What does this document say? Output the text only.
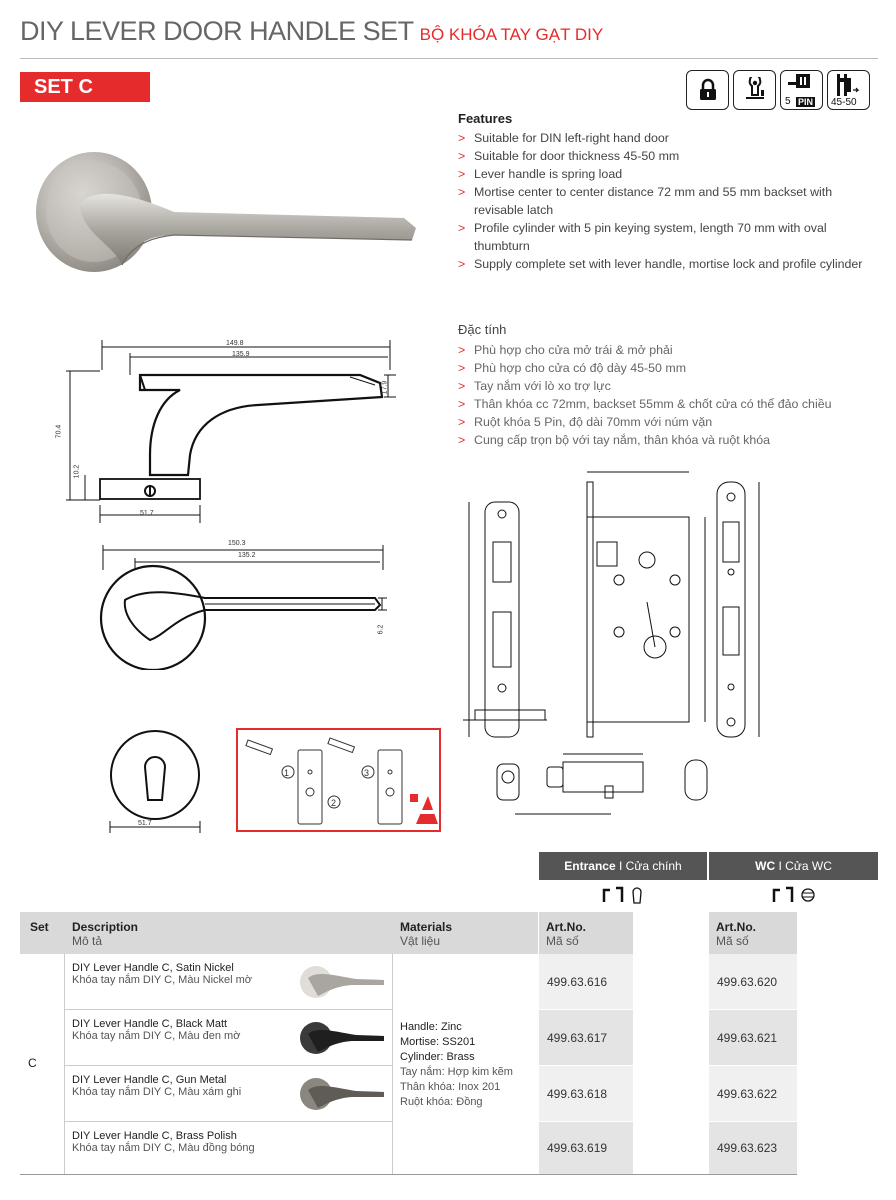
DIY LEVER DOOR HANDLE SET BỘ KHÓA TAY GẠT DIY
SET C
5 PIN 45-50
Features
> Suitable for DIN left-right hand door
> Suitable for door thickness 45-50 mm
> Lever handle is spring load
> Mortise center to center distance 72 mm and 55 mm backset with revisable latch
> Profile cylinder with 5 pin keying system, length 70 mm with oval thumbturn
> Supply complete set with lever handle, mortise lock and profile cylinder
Đặc tính
> Phù hợp cho cửa mở trái & mở phải
> Phù hợp cho cửa có độ dày 45-50 mm
> Tay nắm với lò xo trợ lực
> Thân khóa cc 72mm, backset 55mm & chốt cửa có thể đảo chiều
> Ruột khóa 5 Pin, độ dài 70mm với núm vặn
> Cung cấp trọn bộ với tay nắm, thân khóa và ruột khóa
149.8
135.9
70.4
10.2
17.9
51.7
150.3
135.2
6.2
51.7
1
2
3
Entrance I Cửa chính	WC I Cửa WC
Set Description
Mô tả
Materials
Vật liệu
Art.No.
Mã số
Art.No.
Mã số
C
Handle: Zinc
Mortise: SS201
Cylinder: Brass
Tay nắm: Hợp kim kẽm
Thân khóa: Inox 201
Ruột khóa: Đồng
DIY Lever Handle C, Satin Nickel
Khóa tay nắm DIY C, Màu Nickel mờ
DIY Lever Handle C, Black Matt
Khóa tay nắm DIY C, Màu đen mờ
DIY Lever Handle C, Gun Metal
Khóa tay nắm DIY C, Màu xám ghi
DIY Lever Handle C, Brass Polish
Khóa tay nắm DIY C, Màu đồng bóng
499.63.616
499.63.617
499.63.618
499.63.619
499.63.620
499.63.621
499.63.622
499.63.623
